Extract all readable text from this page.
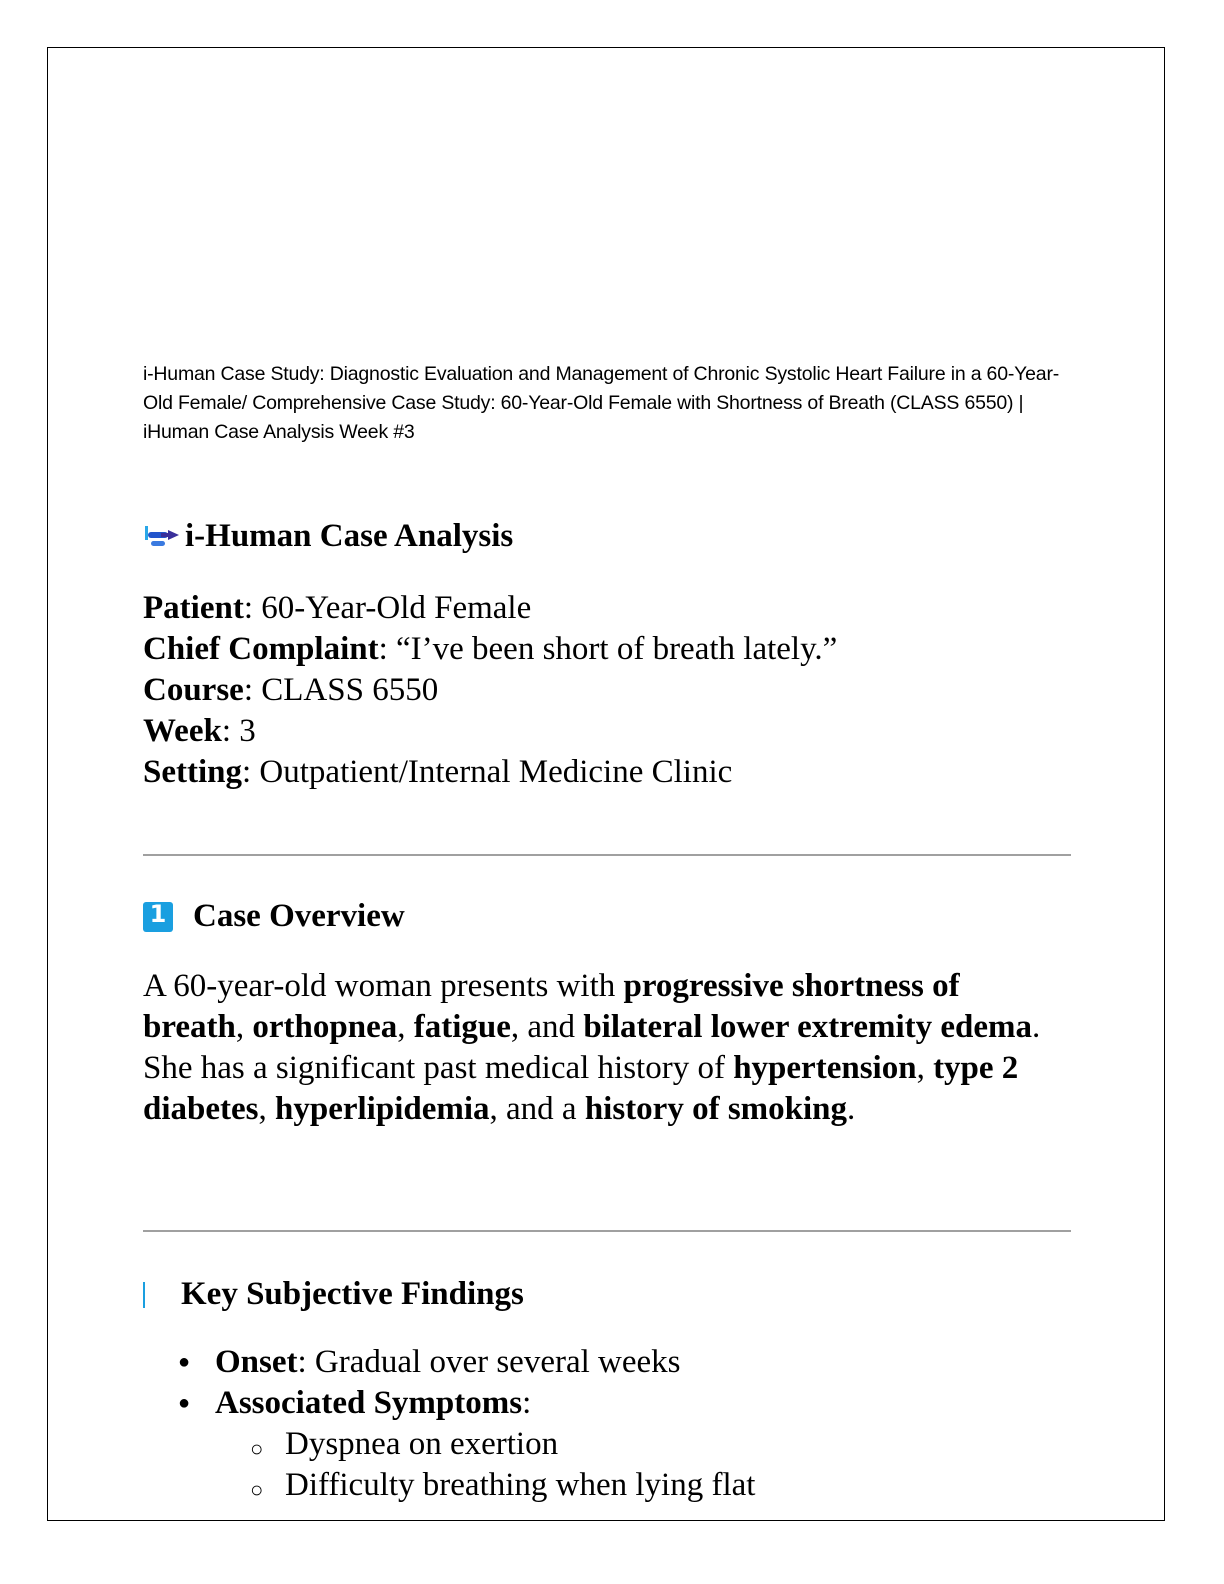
i-Human Case Study: Diagnostic Evaluation and Management of Chronic Systolic Heart Failure in a 60-Year-Old Female/ Comprehensive Case Study: 60-Year-Old Female with Shortness of Breath (CLASS 6550) | iHuman Case Analysis Week #3
i-Human Case Analysis
Patient: 60-Year-Old Female
Chief Complaint: “I’ve been short of breath lately.”
Course: CLASS 6550
Week: 3
Setting: Outpatient/Internal Medicine Clinic
1 Case Overview

A 60-year-old woman presents with progressive shortness of breath, orthopnea, fatigue, and bilateral lower extremity edema. She has a significant past medical history of hypertension, type 2 diabetes, hyperlipidemia, and a history of smoking.

Key Subjective Findings
● Onset: Gradual over several weeks
● Associated Symptoms:
○ Dyspnea on exertion
○ Difficulty breathing when lying flat
